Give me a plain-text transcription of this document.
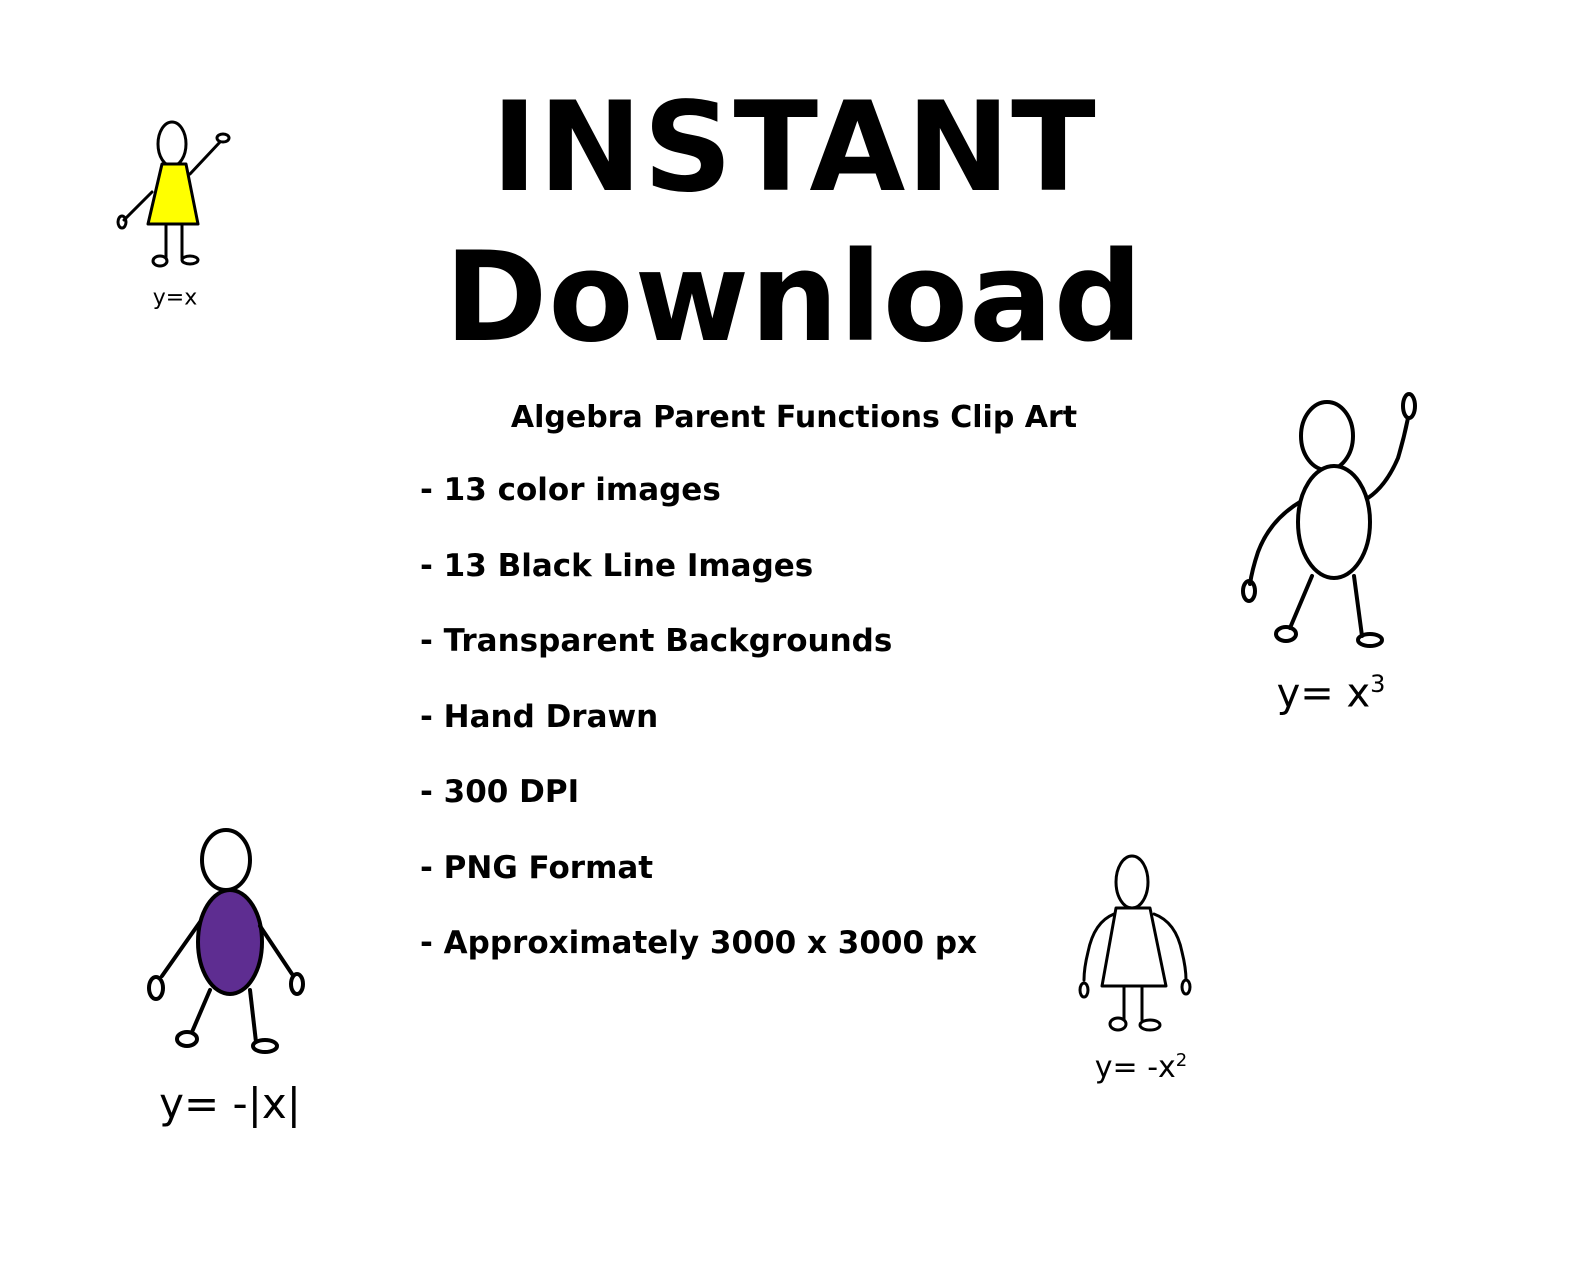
INSTANT
Download
Algebra Parent Functions Clip Art
- 13 color images
- 13 Black Line Images
- Transparent Backgrounds
- Hand Drawn
- 300 DPI
- PNG Format
- Approximately 3000 x 3000 px
y=x
$y= x^3$
y= -|x|
$y= -x^2$
